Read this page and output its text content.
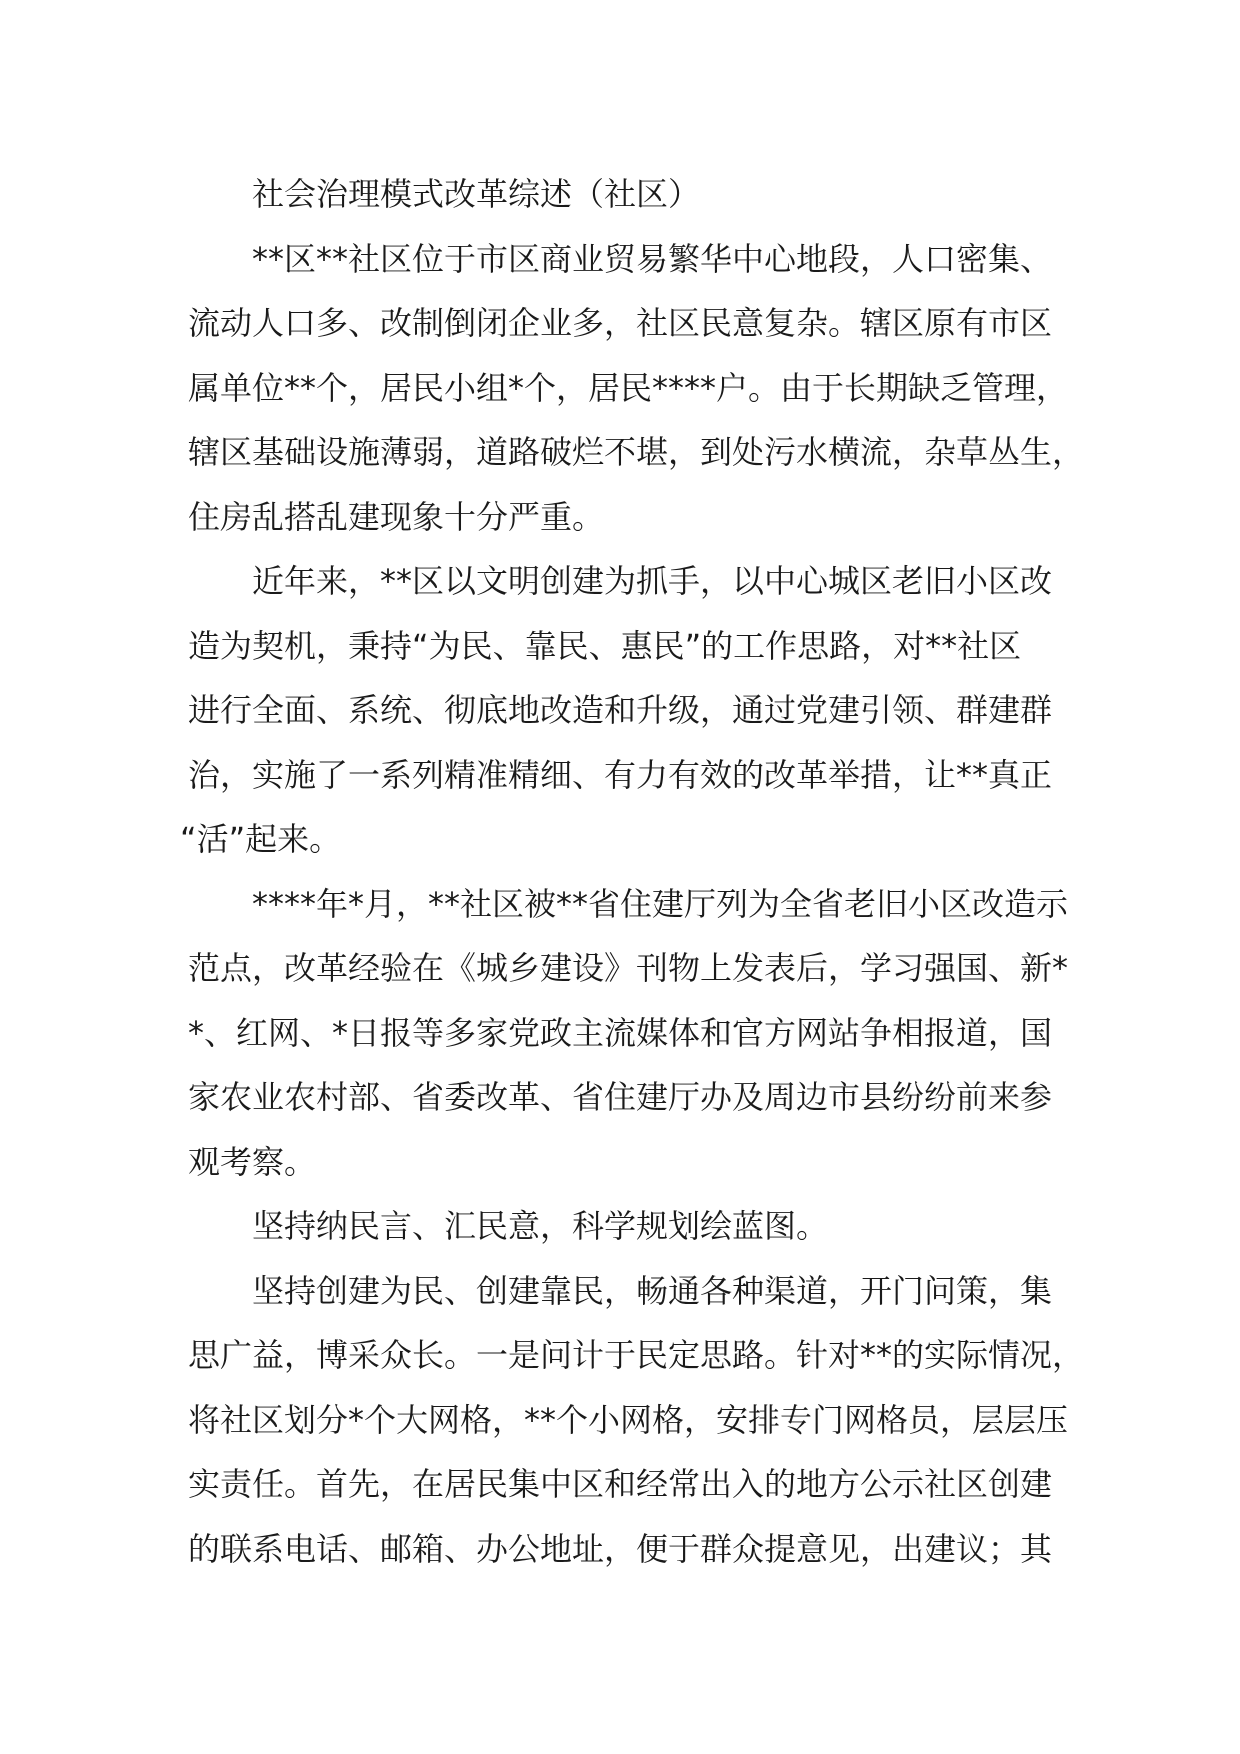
社会治理模式改革综述（社区）
**区**社区位于市区商业贸易繁华中心地段，人口密集、
流动人口多、改制倒闭企业多，社区民意复杂。辖区原有市区
属单位**个，居民小组*个，居民****户。由于长期缺乏管理，
辖区基础设施薄弱，道路破烂不堪，到处污水横流，杂草丛生，
住房乱搭乱建现象十分严重。
近年来，**区以文明创建为抓手，以中心城区老旧小区改
造为契机，秉持“为民、靠民、惠民”的工作思路，对**社区
进行全面、系统、彻底地改造和升级，通过党建引领、群建群
治，实施了一系列精准精细、有力有效的改革举措，让**真正
“活”起来。
****年*月，**社区被**省住建厅列为全省老旧小区改造示
范点，改革经验在《城乡建设》刊物上发表后，学习强国、新*
*、红网、*日报等多家党政主流媒体和官方网站争相报道，国
家农业农村部、省委改革、省住建厅办及周边市县纷纷前来参
观考察。
坚持纳民言、汇民意，科学规划绘蓝图。
坚持创建为民、创建靠民，畅通各种渠道，开门问策，集
思广益，博采众长。一是问计于民定思路。针对**的实际情况，
将社区划分*个大网格，**个小网格，安排专门网格员，层层压
实责任。首先，在居民集中区和经常出入的地方公示社区创建
的联系电话、邮箱、办公地址，便于群众提意见，出建议；其
